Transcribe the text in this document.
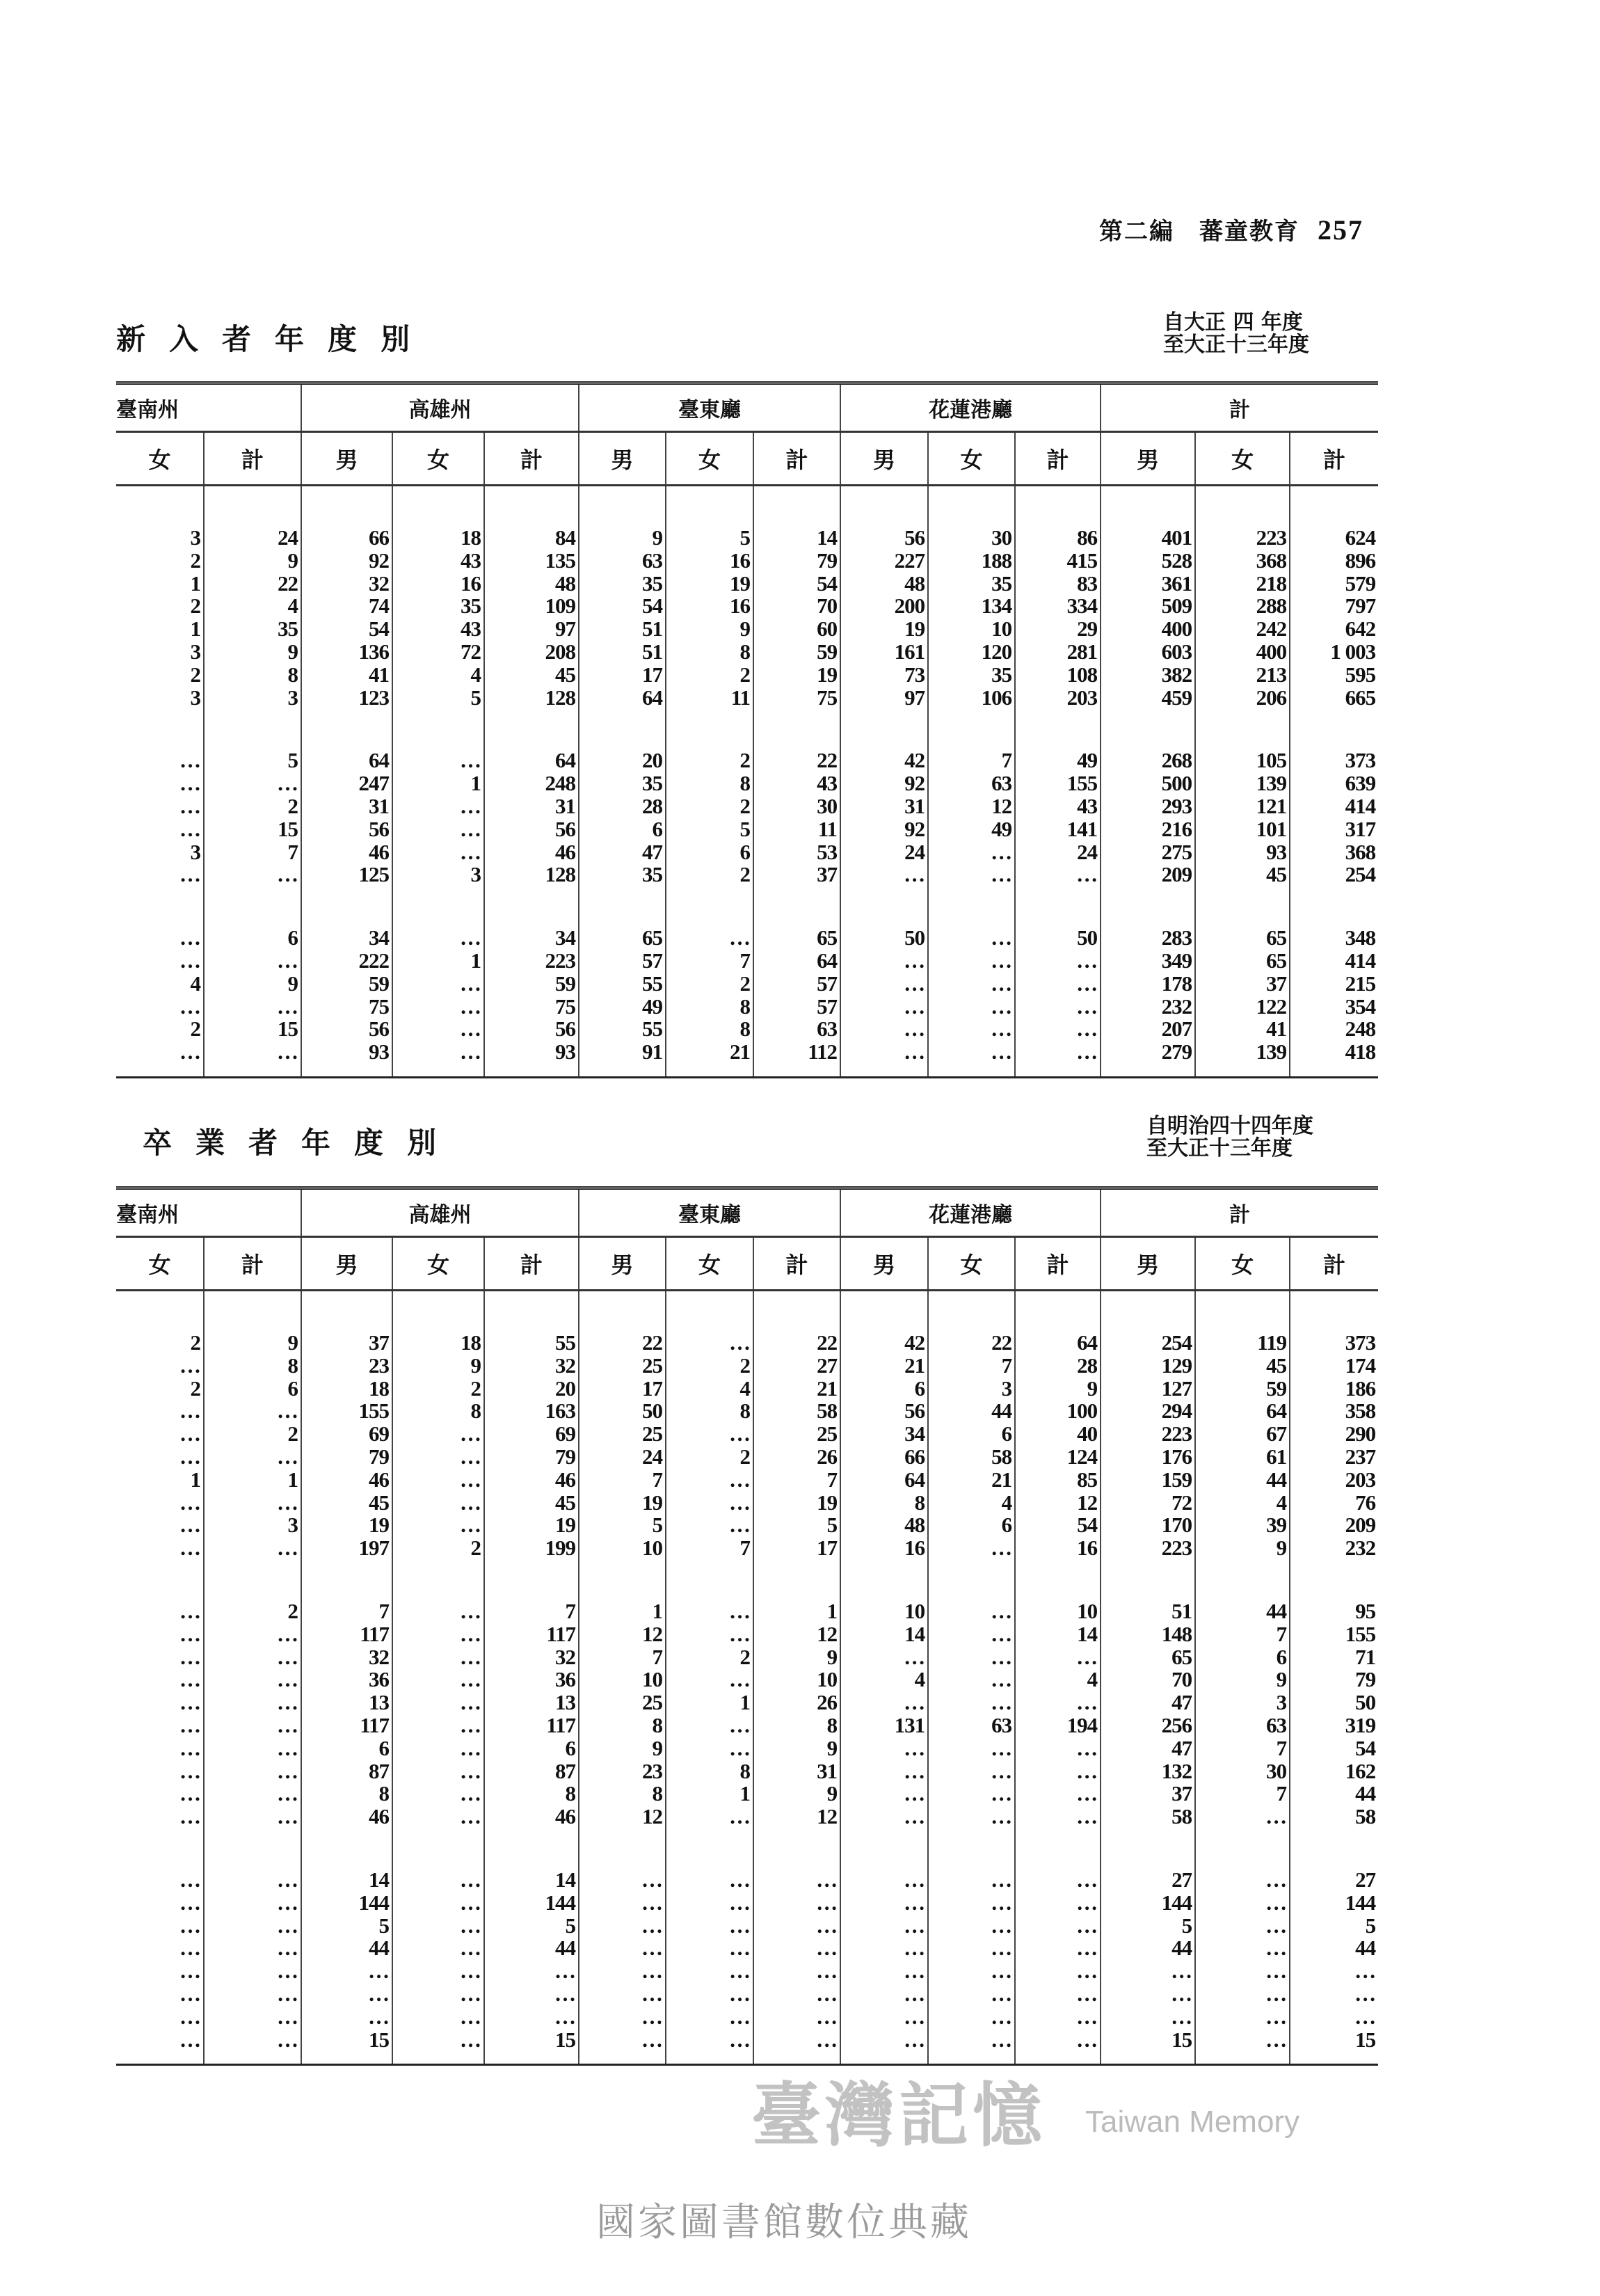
第二編　蕃童教育 257
新入者年度別	自大正 四 年度
至大正十三年度
臺南州		高雄州			臺東廳			花蓮港廳			計		
女	計	男	女	計	男	女	計	男	女	計	男	女	計

3	24	66	18	84	9	5	14	56	30	86	401	223	624
2	9	92	43	135	63	16	79	227	188	415	528	368	896
1	22	32	16	48	35	19	54	48	35	83	361	218	579
2	4	74	35	109	54	16	70	200	134	334	509	288	797
1	35	54	43	97	51	9	60	19	10	29	400	242	642
3	9	136	72	208	51	8	59	161	120	281	603	400	1 003
2	8	41	4	45	17	2	19	73	35	108	382	213	595
3	3	123	5	128	64	11	75	97	106	203	459	206	665

…	5	64	…	64	20	2	22	42	7	49	268	105	373
…	…	247	1	248	35	8	43	92	63	155	500	139	639
…	2	31	…	31	28	2	30	31	12	43	293	121	414
…	15	56	…	56	6	5	11	92	49	141	216	101	317
3	7	46	…	46	47	6	53	24	…	24	275	93	368
…	…	125	3	128	35	2	37	…	…	…	209	45	254

…	6	34	…	34	65	…	65	50	…	50	283	65	348
…	…	222	1	223	57	7	64	…	…	…	349	65	414
4	9	59	…	59	55	2	57	…	…	…	178	37	215
…	…	75	…	75	49	8	57	…	…	…	232	122	354
2	15	56	…	56	55	8	63	…	…	…	207	41	248
…	…	93	…	93	91	21	112	…	…	…	279	139	418

卒業者年度別	自明治四十四年度
至大正十三年度
臺南州		高雄州			臺東廳			花蓮港廳			計		
女	計	男	女	計	男	女	計	男	女	計	男	女	計

2	9	37	18	55	22	…	22	42	22	64	254	119	373
…	8	23	9	32	25	2	27	21	7	28	129	45	174
2	6	18	2	20	17	4	21	6	3	9	127	59	186
…	…	155	8	163	50	8	58	56	44	100	294	64	358
…	2	69	…	69	25	…	25	34	6	40	223	67	290
…	…	79	…	79	24	2	26	66	58	124	176	61	237
1	1	46	…	46	7	…	7	64	21	85	159	44	203
…	…	45	…	45	19	…	19	8	4	12	72	4	76
…	3	19	…	19	5	…	5	48	6	54	170	39	209
…	…	197	2	199	10	7	17	16	…	16	223	9	232

…	2	7	…	7	1	…	1	10	…	10	51	44	95
…	…	117	…	117	12	…	12	14	…	14	148	7	155
…	…	32	…	32	7	2	9	…	…	…	65	6	71
…	…	36	…	36	10	…	10	4	…	4	70	9	79
…	…	13	…	13	25	1	26	…	…	…	47	3	50
…	…	117	…	117	8	…	8	131	63	194	256	63	319
…	…	6	…	6	9	…	9	…	…	…	47	7	54
…	…	87	…	87	23	8	31	…	…	…	132	30	162
…	…	8	…	8	8	1	9	…	…	…	37	7	44
…	…	46	…	46	12	…	12	…	…	…	58	…	58

…	…	14	…	14	…	…	…	…	…	…	27	…	27
…	…	144	…	144	…	…	…	…	…	…	144	…	144
…	…	5	…	5	…	…	…	…	…	…	5	…	5
…	…	44	…	44	…	…	…	…	…	…	44	…	44
…	…	…	…	…	…	…	…	…	…	…	…	…	…
…	…	…	…	…	…	…	…	…	…	…	…	…	…
…	…	…	…	…	…	…	…	…	…	…	…	…	…
…	…	15	…	15	…	…	…	…	…	…	15	…	15

臺灣記憶 Taiwan Memory
國家圖書館數位典藏
